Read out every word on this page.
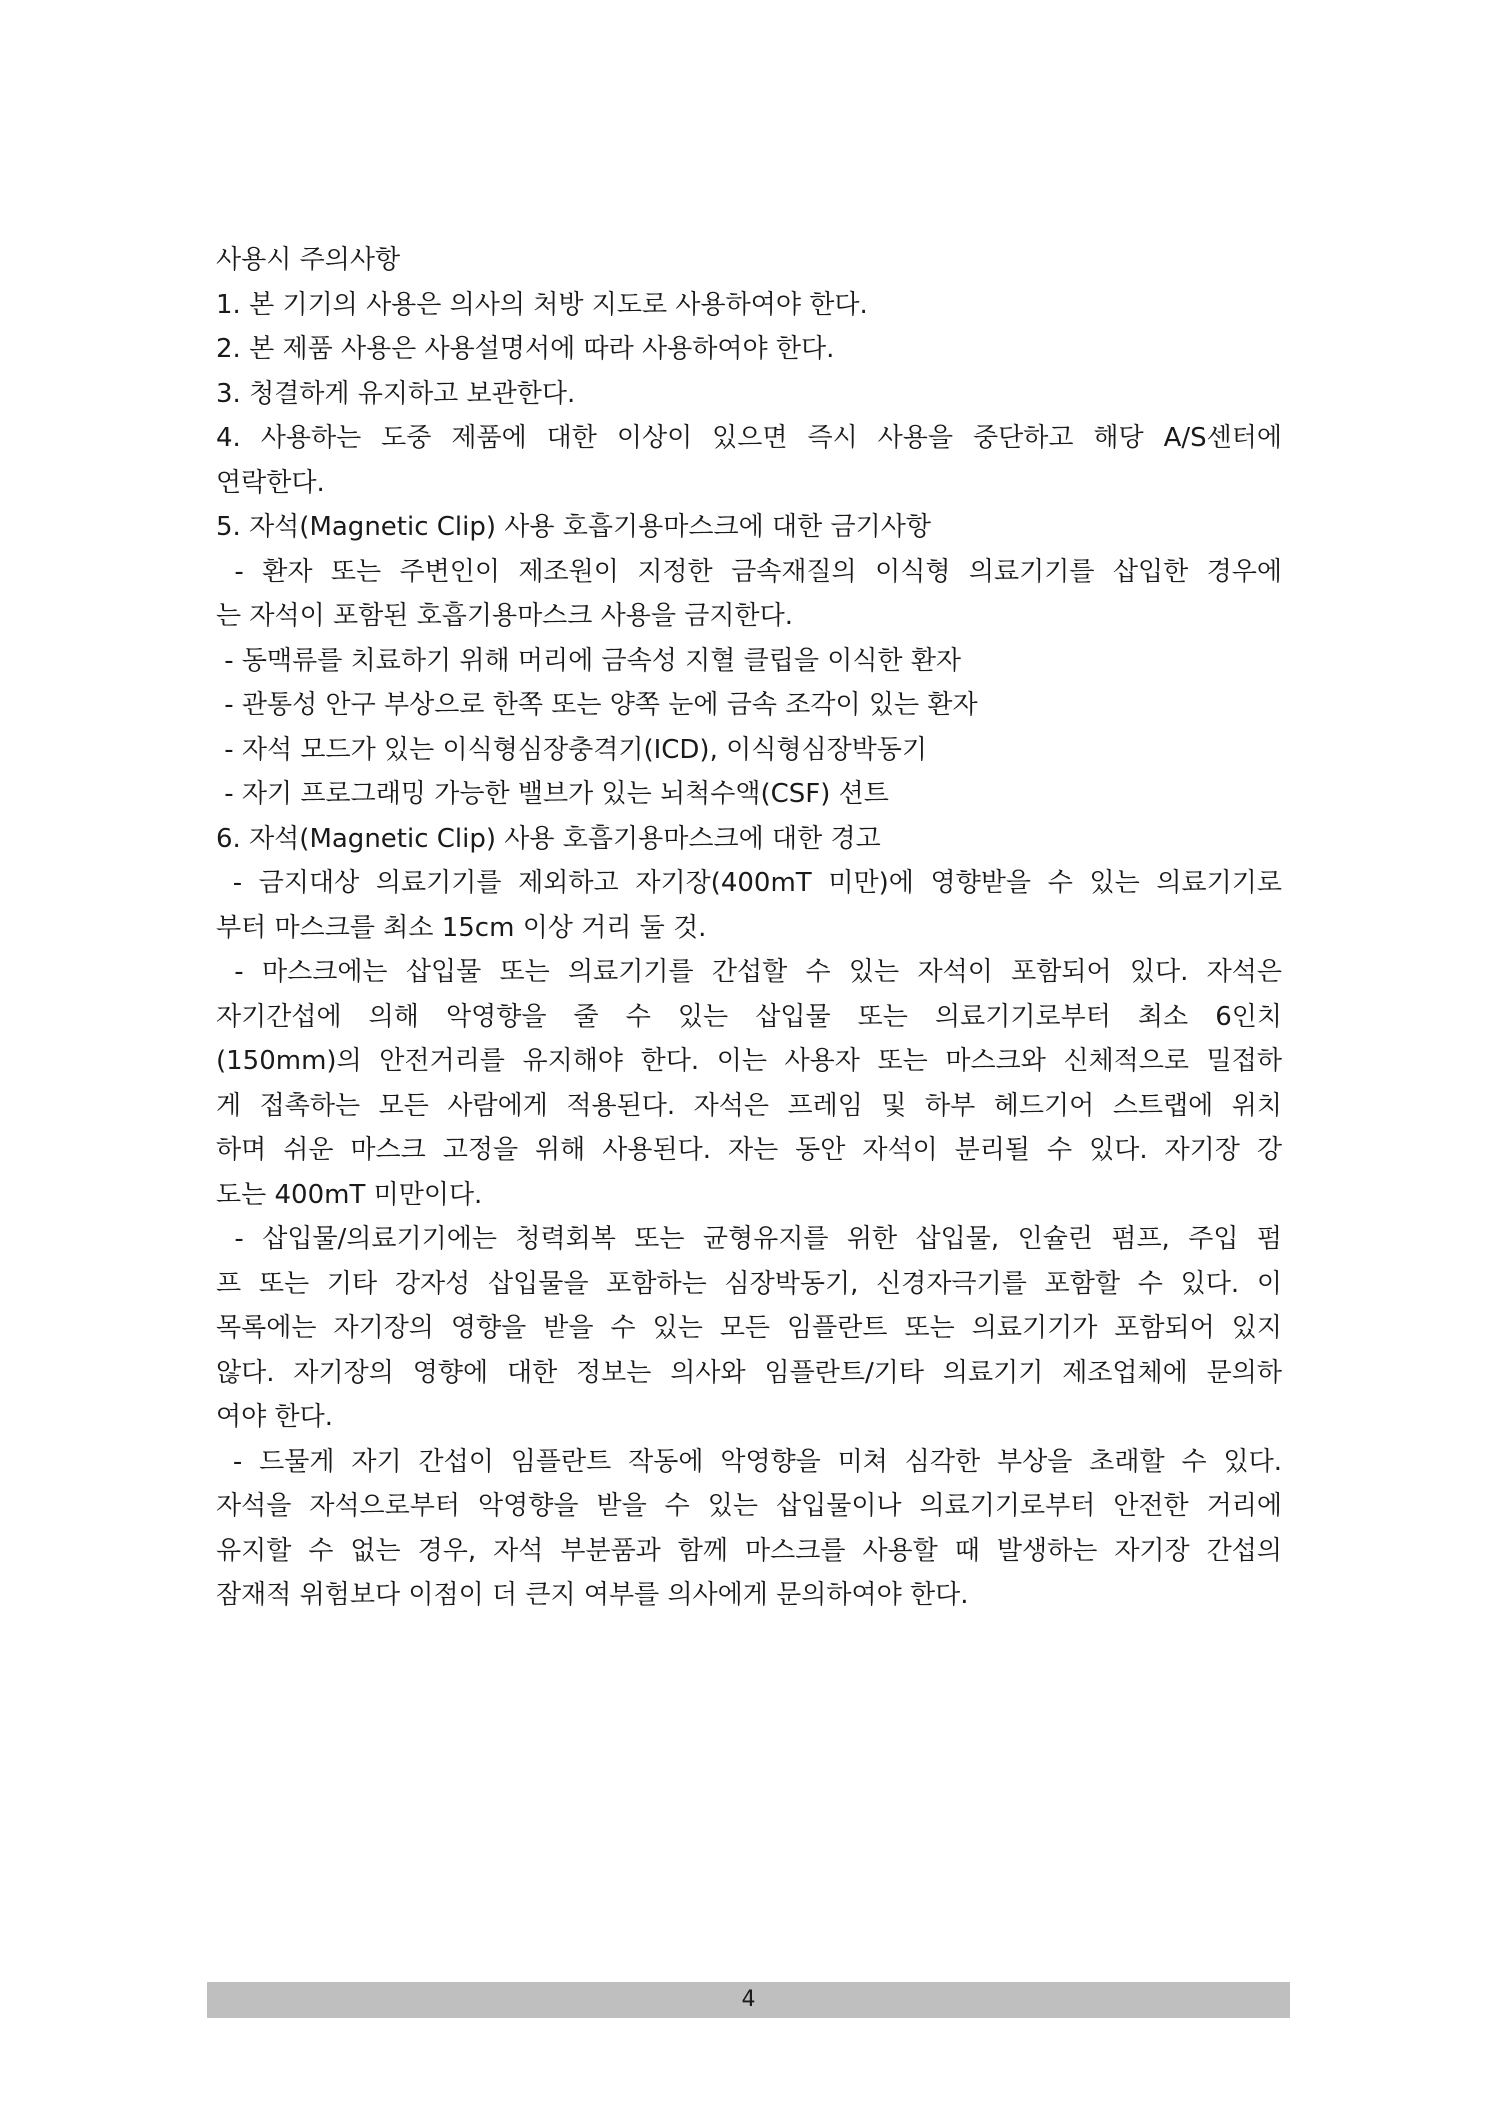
사용시 주의사항
1. 본 기기의 사용은 의사의 처방 지도로 사용하여야 한다.
2. 본 제품 사용은 사용설명서에 따라 사용하여야 한다.
3. 청결하게 유지하고 보관한다.
4. 사용하는 도중 제품에 대한 이상이 있으면 즉시 사용을 중단하고 해당 A/S센터에
연락한다.
5. 자석(Magnetic Clip) 사용 호흡기용마스크에 대한 금기사항
- 환자 또는 주변인이 제조원이 지정한 금속재질의 이식형 의료기기를 삽입한 경우에
는 자석이 포함된 호흡기용마스크 사용을 금지한다.
- 동맥류를 치료하기 위해 머리에 금속성 지혈 클립을 이식한 환자
- 관통성 안구 부상으로 한쪽 또는 양쪽 눈에 금속 조각이 있는 환자
- 자석 모드가 있는 이식형심장충격기(ICD), 이식형심장박동기
- 자기 프로그래밍 가능한 밸브가 있는 뇌척수액(CSF) 션트
6. 자석(Magnetic Clip) 사용 호흡기용마스크에 대한 경고
- 금지대상 의료기기를 제외하고 자기장(400mT 미만)에 영향받을 수 있는 의료기기로
부터 마스크를 최소 15cm 이상 거리 둘 것.
- 마스크에는 삽입물 또는 의료기기를 간섭할 수 있는 자석이 포함되어 있다. 자석은
자기간섭에 의해 악영향을 줄 수 있는 삽입물 또는 의료기기로부터 최소 6인치
(150mm)의 안전거리를 유지해야 한다. 이는 사용자 또는 마스크와 신체적으로 밀접하
게 접촉하는 모든 사람에게 적용된다. 자석은 프레임 및 하부 헤드기어 스트랩에 위치
하며 쉬운 마스크 고정을 위해 사용된다. 자는 동안 자석이 분리될 수 있다. 자기장 강
도는 400mT 미만이다.
- 삽입물/의료기기에는 청력회복 또는 균형유지를 위한 삽입물, 인슐린 펌프, 주입 펌
프 또는 기타 강자성 삽입물을 포함하는 심장박동기, 신경자극기를 포함할 수 있다. 이
목록에는 자기장의 영향을 받을 수 있는 모든 임플란트 또는 의료기기가 포함되어 있지
않다. 자기장의 영향에 대한 정보는 의사와 임플란트/기타 의료기기 제조업체에 문의하
여야 한다.
- 드물게 자기 간섭이 임플란트 작동에 악영향을 미쳐 심각한 부상을 초래할 수 있다.
자석을 자석으로부터 악영향을 받을 수 있는 삽입물이나 의료기기로부터 안전한 거리에
유지할 수 없는 경우, 자석 부분품과 함께 마스크를 사용할 때 발생하는 자기장 간섭의
잠재적 위험보다 이점이 더 큰지 여부를 의사에게 문의하여야 한다.
4
